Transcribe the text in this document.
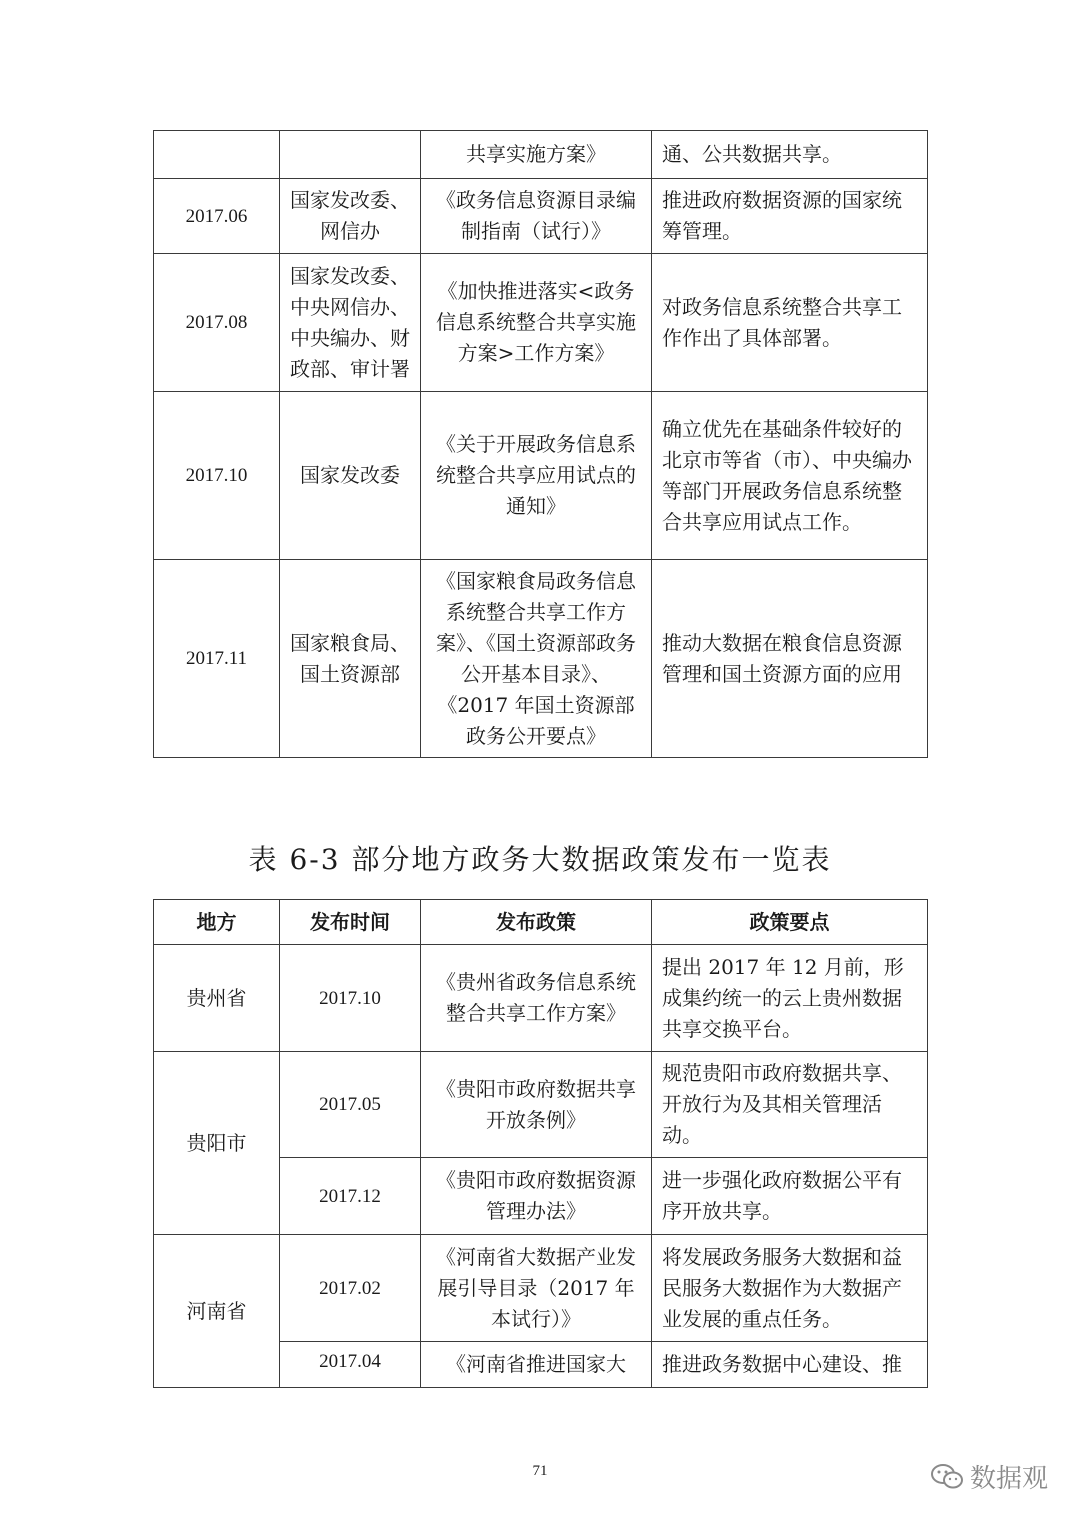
		共享实施方案》	通、公共数据共享。
2017.06	国家发改委、网信办	《政务信息资源目录编制指南（试行）》	推进政府数据资源的国家统筹管理。
2017.08	国家发改委、中央网信办、中央编办、财政部、审计署	《加快推进落实<政务信息系统整合共享实施方案>工作方案》	对政务信息系统整合共享工作作出了具体部署。
2017.10	国家发改委	《关于开展政务信息系统整合共享应用试点的通知》	确立优先在基础条件较好的北京市等省（市）、中央编办等部门开展政务信息系统整合共享应用试点工作。
2017.11	国家粮食局、国土资源部	《国家粮食局政务信息系统整合共享工作方案》、《国土资源部政务公开基本目录》、《2017 年国土资源部政务公开要点》	推动大数据在粮食信息资源管理和国土资源方面的应用
表 6-3 部分地方政务大数据政策发布一览表
地方	发布时间	发布政策	政策要点
贵州省	2017.10	《贵州省政务信息系统整合共享工作方案》	提出 2017 年 12 月前，形成集约统一的云上贵州数据共享交换平台。
贵阳市	2017.05	《贵阳市政府数据共享开放条例》	规范贵阳市政府数据共享、开放行为及其相关管理活动。
	2017.12	《贵阳市政府数据资源管理办法》	进一步强化政府数据公平有序开放共享。
河南省	2017.02	《河南省大数据产业发展引导目录（2017 年本试行）》	将发展政务服务大数据和益民服务大数据作为大数据产业发展的重点任务。
	2017.04	《河南省推进国家大	推进政务数据中心建设、推
71	数据观
